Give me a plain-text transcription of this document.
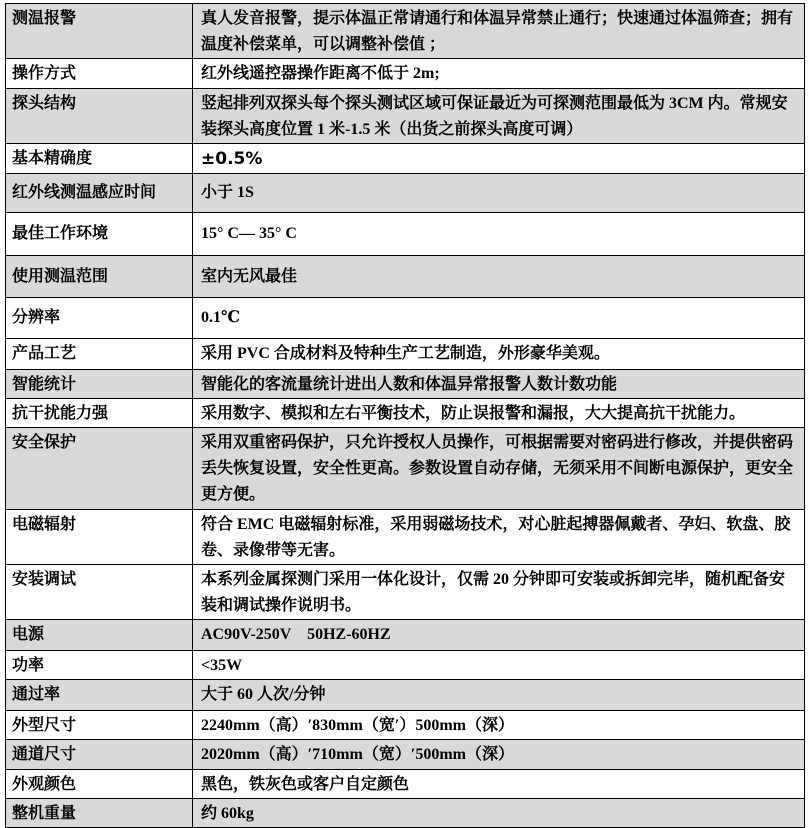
测温报警	真人发音报警，提示体温正常请通行和体温异常禁止通行；快速通过体温筛查；拥有温度补偿菜单，可以调整补偿值 ；
操作方式	红外线遥控器操作距离不低于 2m;
探头结构	竖起排列双探头每个探头测试区域可保证最近为可探测范围最低为 3CM 内。常规安装探头高度位置 1 米-1.5 米（出货之前探头高度可调）
基本精确度	±0.5%
红外线测温感应时间	小于 1S
最佳工作环境	15° C— 35° C
使用测温范围	室内无风最佳
分辨率	0.1℃
产品工艺	采用 PVC 合成材料及特种生产工艺制造，外形豪华美观。
智能统计	智能化的客流量统计进出人数和体温异常报警人数计数功能
抗干扰能力强	采用数字、模拟和左右平衡技术，防止误报警和漏报，大大提高抗干扰能力。
安全保护	采用双重密码保护，只允许授权人员操作，可根据需要对密码进行修改，并提供密码丢失恢复设置，安全性更高。参数设置自动存储，无须采用不间断电源保护，更安全更方便。
电磁辐射	符合 EMC 电磁辐射标准，采用弱磁场技术，对心脏起搏器佩戴者、孕妇、软盘、胶卷、录像带等无害。
安装调试	本系列金属探测门采用一体化设计，仅需 20 分钟即可安装或拆卸完毕，随机配备安装和调试操作说明书。
电源	AC90V-250V    50HZ-60HZ
功率	<35W
通过率	大于 60 人次/分钟
外型尺寸	2240mm（高）′830mm（宽′）500mm（深）
通道尺寸	2020mm（高）′710mm（宽）′500mm（深）
外观颜色	黑色，铁灰色或客户自定颜色
整机重量	约 60kg
